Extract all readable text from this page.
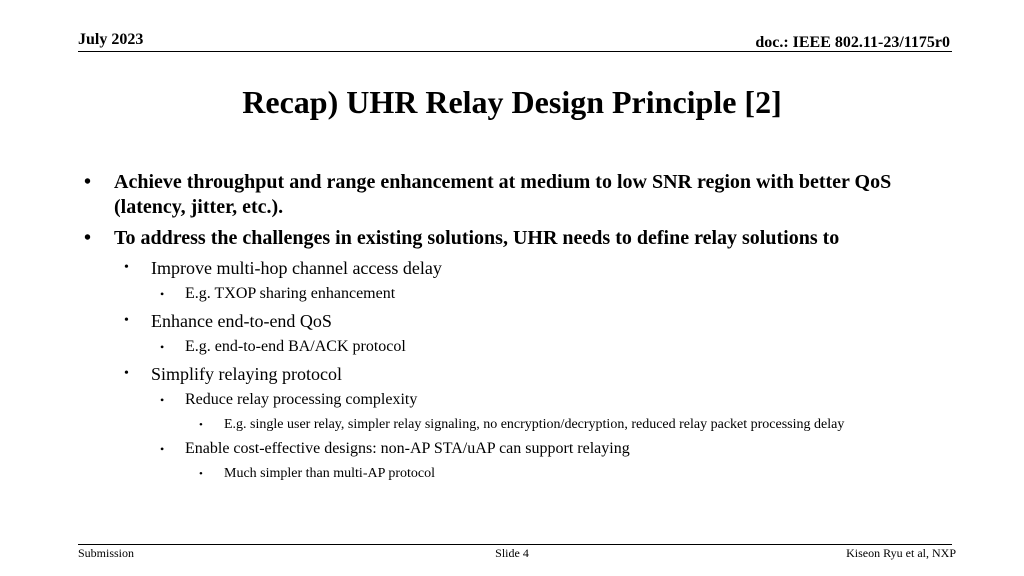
July 2023	doc.: IEEE 802.11-23/1175r0
Recap) UHR Relay Design Principle [2]
• Achieve throughput and range enhancement at medium to low SNR region with better QoS (latency, jitter, etc.).
• To address the challenges in existing solutions, UHR needs to define relay solutions to
• Improve multi-hop channel access delay
• E.g. TXOP sharing enhancement
• Enhance end-to-end QoS
• E.g. end-to-end BA/ACK protocol
• Simplify relaying protocol
• Reduce relay processing complexity
• E.g. single user relay, simpler relay signaling, no encryption/decryption, reduced relay packet processing delay
• Enable cost-effective designs: non-AP STA/uAP can support relaying
• Much simpler than multi-AP protocol
Submission	Slide 4	Kiseon Ryu et al, NXP
